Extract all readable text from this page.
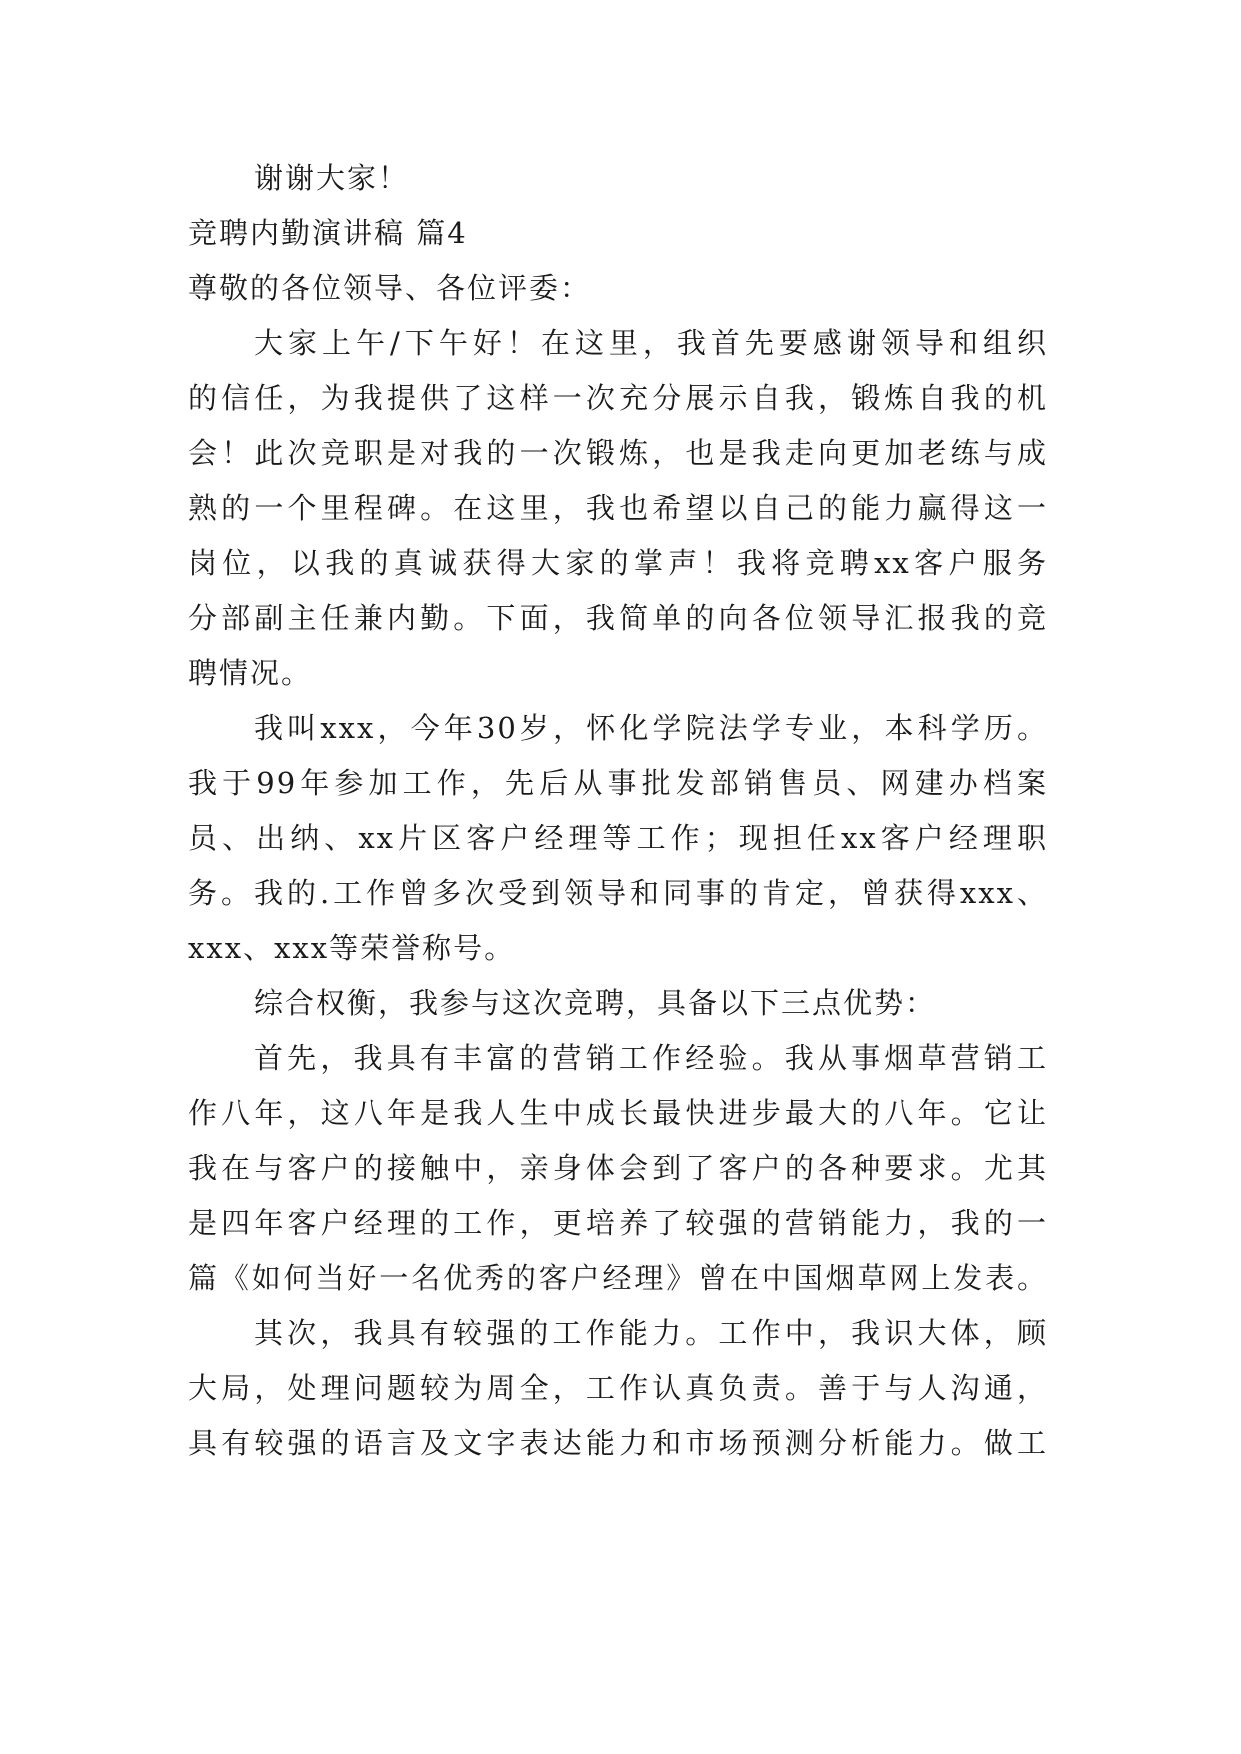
谢谢大家！
竞聘内勤演讲稿 篇4
尊敬的各位领导、各位评委：
大家上午/下午好！在这里，我首先要感谢领导和组织
的信任，为我提供了这样一次充分展示自我，锻炼自我的机
会！此次竞职是对我的一次锻炼，也是我走向更加老练与成
熟的一个里程碑。在这里，我也希望以自己的能力赢得这一
岗位，以我的真诚获得大家的掌声！我将竞聘xx客户服务
分部副主任兼内勤。下面，我简单的向各位领导汇报我的竞
聘情况。
我叫xxx，今年30岁，怀化学院法学专业，本科学历。
我于99年参加工作，先后从事批发部销售员、网建办档案
员、出纳、xx片区客户经理等工作；现担任xx客户经理职
务。我的.工作曾多次受到领导和同事的肯定，曾获得xxx、
xxx、xxx等荣誉称号。
综合权衡，我参与这次竞聘，具备以下三点优势：
首先，我具有丰富的营销工作经验。我从事烟草营销工
作八年，这八年是我人生中成长最快进步最大的八年。它让
我在与客户的接触中，亲身体会到了客户的各种要求。尤其
是四年客户经理的工作，更培养了较强的营销能力，我的一
篇《如何当好一名优秀的客户经理》曾在中国烟草网上发表。
其次，我具有较强的工作能力。工作中，我识大体，顾
大局，处理问题较为周全，工作认真负责。善于与人沟通，
具有较强的语言及文字表达能力和市场预测分析能力。做工
